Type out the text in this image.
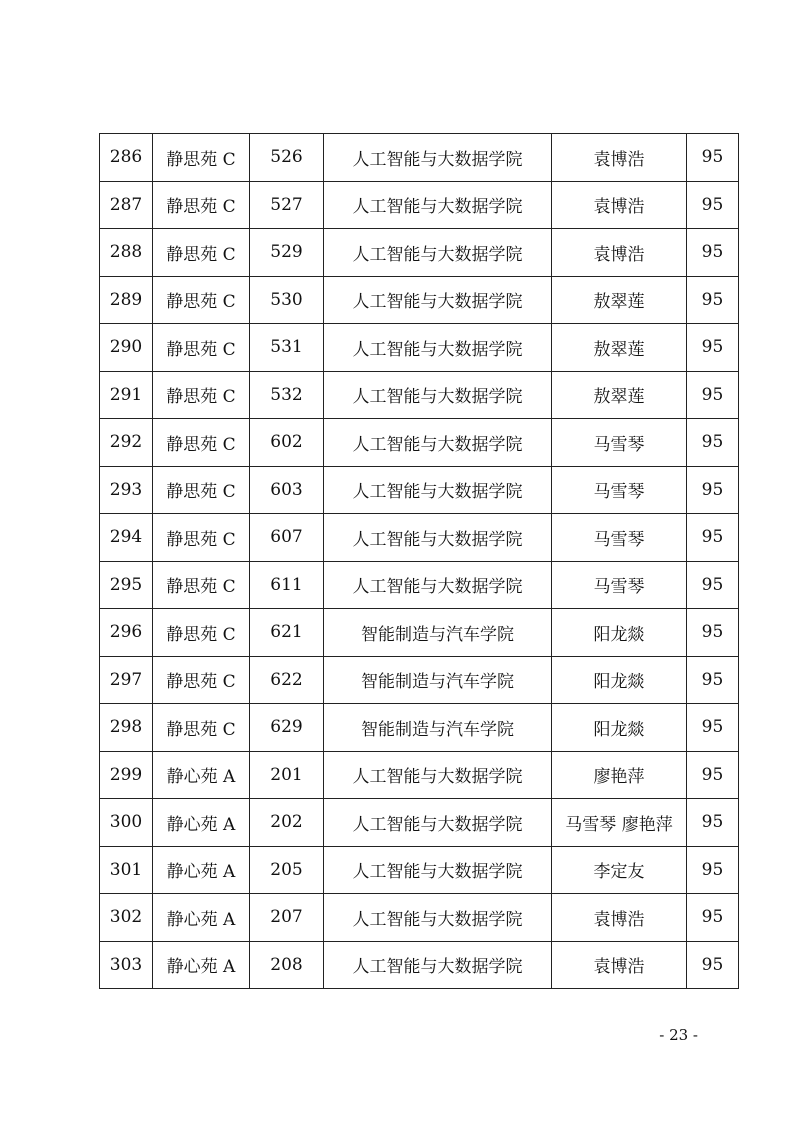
286	静思苑 C	526	人工智能与大数据学院	袁博浩	95
287	静思苑 C	527	人工智能与大数据学院	袁博浩	95
288	静思苑 C	529	人工智能与大数据学院	袁博浩	95
289	静思苑 C	530	人工智能与大数据学院	敖翠莲	95
290	静思苑 C	531	人工智能与大数据学院	敖翠莲	95
291	静思苑 C	532	人工智能与大数据学院	敖翠莲	95
292	静思苑 C	602	人工智能与大数据学院	马雪琴	95
293	静思苑 C	603	人工智能与大数据学院	马雪琴	95
294	静思苑 C	607	人工智能与大数据学院	马雪琴	95
295	静思苑 C	611	人工智能与大数据学院	马雪琴	95
296	静思苑 C	621	智能制造与汽车学院	阳龙燚	95
297	静思苑 C	622	智能制造与汽车学院	阳龙燚	95
298	静思苑 C	629	智能制造与汽车学院	阳龙燚	95
299	静心苑 A	201	人工智能与大数据学院	廖艳萍	95
300	静心苑 A	202	人工智能与大数据学院	马雪琴 廖艳萍	95
301	静心苑 A	205	人工智能与大数据学院	李定友	95
302	静心苑 A	207	人工智能与大数据学院	袁博浩	95
303	静心苑 A	208	人工智能与大数据学院	袁博浩	95
- 23 -
